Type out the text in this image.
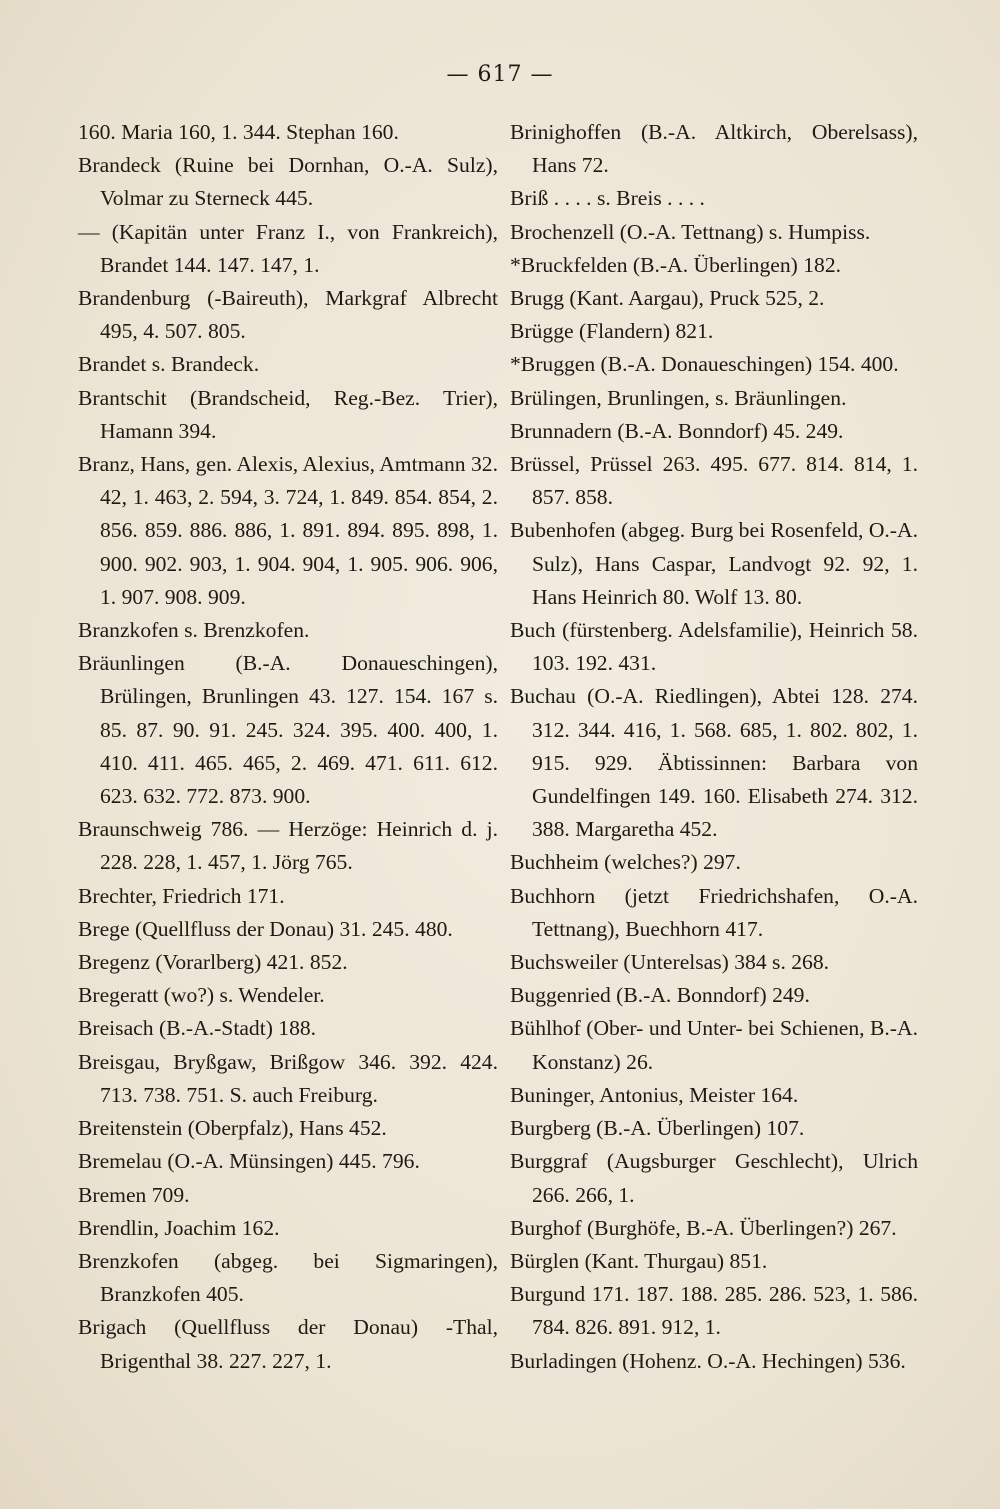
— 617 —

160. Maria 160, 1. 344. Stephan 160.

Brandeck (Ruine bei Dornhan, O.-A. Sulz), Volmar zu Sterneck 445.

— (Kapitän unter Franz I., von Frankreich), Brandet 144. 147. 147, 1.

Brandenburg (-Baireuth), Markgraf Albrecht 495, 4. 507. 805.

Brandet s. Brandeck.

Brantschit (Brandscheid, Reg.-Bez. Trier), Hamann 394.

Branz, Hans, gen. Alexis, Alexius, Amtmann 32. 42, 1. 463, 2. 594, 3. 724, 1. 849. 854. 854, 2. 856. 859. 886. 886, 1. 891. 894. 895. 898, 1. 900. 902. 903, 1. 904. 904, 1. 905. 906. 906, 1. 907. 908. 909.

Branzkofen s. Brenzkofen.

Bräunlingen (B.-A. Donaueschingen), Brülingen, Brunlingen 43. 127. 154. 167 s. 85. 87. 90. 91. 245. 324. 395. 400. 400, 1. 410. 411. 465. 465, 2. 469. 471. 611. 612. 623. 632. 772. 873. 900.

Braunschweig 786. — Herzöge: Heinrich d. j. 228. 228, 1. 457, 1. Jörg 765.

Brechter, Friedrich 171.

Brege (Quellfluss der Donau) 31. 245. 480.

Bregenz (Vorarlberg) 421. 852.

Bregeratt (wo?) s. Wendeler.

Breisach (B.-A.-Stadt) 188.

Breisgau, Bryßgaw, Brißgow 346. 392. 424. 713. 738. 751. S. auch Freiburg.

Breitenstein (Oberpfalz), Hans 452.

Bremelau (O.-A. Münsingen) 445. 796.

Bremen 709.

Brendlin, Joachim 162.

Brenzkofen (abgeg. bei Sigmaringen), Branzkofen 405.

Brigach (Quellfluss der Donau) -Thal, Brigenthal 38. 227. 227, 1.

Brinighoffen (B.-A. Altkirch, Oberelsass), Hans 72.

Briß . . . . s. Breis . . . .

Brochenzell (O.-A. Tettnang) s. Humpiss.

*Bruckfelden (B.-A. Überlingen) 182.

Brugg (Kant. Aargau), Pruck 525, 2.

Brügge (Flandern) 821.

*Bruggen (B.-A. Donaueschingen) 154. 400.

Brülingen, Brunlingen, s. Bräunlingen.

Brunnadern (B.-A. Bonndorf) 45. 249.

Brüssel, Prüssel 263. 495. 677. 814. 814, 1. 857. 858.

Bubenhofen (abgeg. Burg bei Rosenfeld, O.-A. Sulz), Hans Caspar, Landvogt 92. 92, 1. Hans Heinrich 80. Wolf 13. 80.

Buch (fürstenberg. Adelsfamilie), Heinrich 58. 103. 192. 431.

Buchau (O.-A. Riedlingen), Abtei 128. 274. 312. 344. 416, 1. 568. 685, 1. 802. 802, 1. 915. 929. Äbtissinnen: Barbara von Gundelfingen 149. 160. Elisabeth 274. 312. 388. Margaretha 452.

Buchheim (welches?) 297.

Buchhorn (jetzt Friedrichshafen, O.-A. Tettnang), Buechhorn 417.

Buchsweiler (Unterelsas) 384 s. 268.

Buggenried (B.-A. Bonndorf) 249.

Bühlhof (Ober- und Unter- bei Schienen, B.-A. Konstanz) 26.

Buninger, Antonius, Meister 164.

Burgberg (B.-A. Überlingen) 107.

Burggraf (Augsburger Geschlecht), Ulrich 266. 266, 1.

Burghof (Burghöfe, B.-A. Überlingen?) 267.

Bürglen (Kant. Thurgau) 851.

Burgund 171. 187. 188. 285. 286. 523, 1. 586. 784. 826. 891. 912, 1.

Burladingen (Hohenz. O.-A. Hechingen) 536.
